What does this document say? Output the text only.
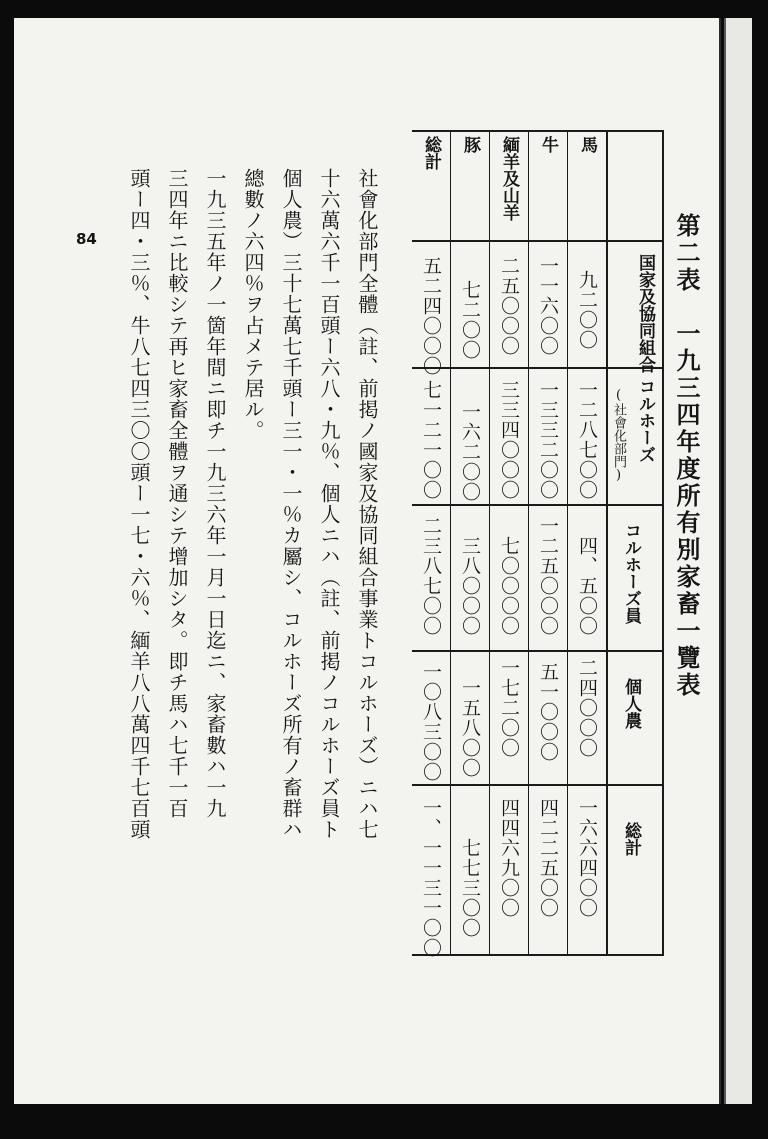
84	第二表　一九三四年度所有別家畜一覽表
国家及協同組合
コルホーズ
(社會化部門)
コルホーズ員
個人農
総計
馬
九二〇〇
一二八七〇〇
四、五〇〇
二四〇〇〇
一六六四〇〇
牛
一一六〇〇
一三三二〇〇
一二五〇〇〇
五一〇〇〇
四二二五〇〇
緬羊及山羊
二五〇〇〇
三三四〇〇〇
七〇〇〇〇
一七二〇〇
四四六九〇〇
豚
七二〇〇
一六二〇〇
三八〇〇〇
一五八〇〇
七七三〇〇
総計
五二四〇〇〇
七一二一〇〇
二三八七〇〇
一〇八三〇〇
一、一一三一〇〇
社會化部門全體（註、前掲ノ國家及協同組合事業トコルホーズ）ニハ七
十六萬六千一百頭ー六八・九％、個人ニハ（註、前掲ノコルホーズ員ト
個人農）三十七萬七千頭ー三一・一％カ屬シ、コルホーズ所有ノ畜群ハ
總數ノ六四％ヲ占メテ居ル。
一九三五年ノ一箇年間ニ即チ一九三六年一月一日迄ニ、家畜數ハ一九
三四年ニ比較シテ再ヒ家畜全體ヲ通シテ增加シタ。即チ馬ハ七千一百
頭ー四・三％、牛八七四三〇〇頭ー一七・六％、緬羊八八萬四千七百頭
